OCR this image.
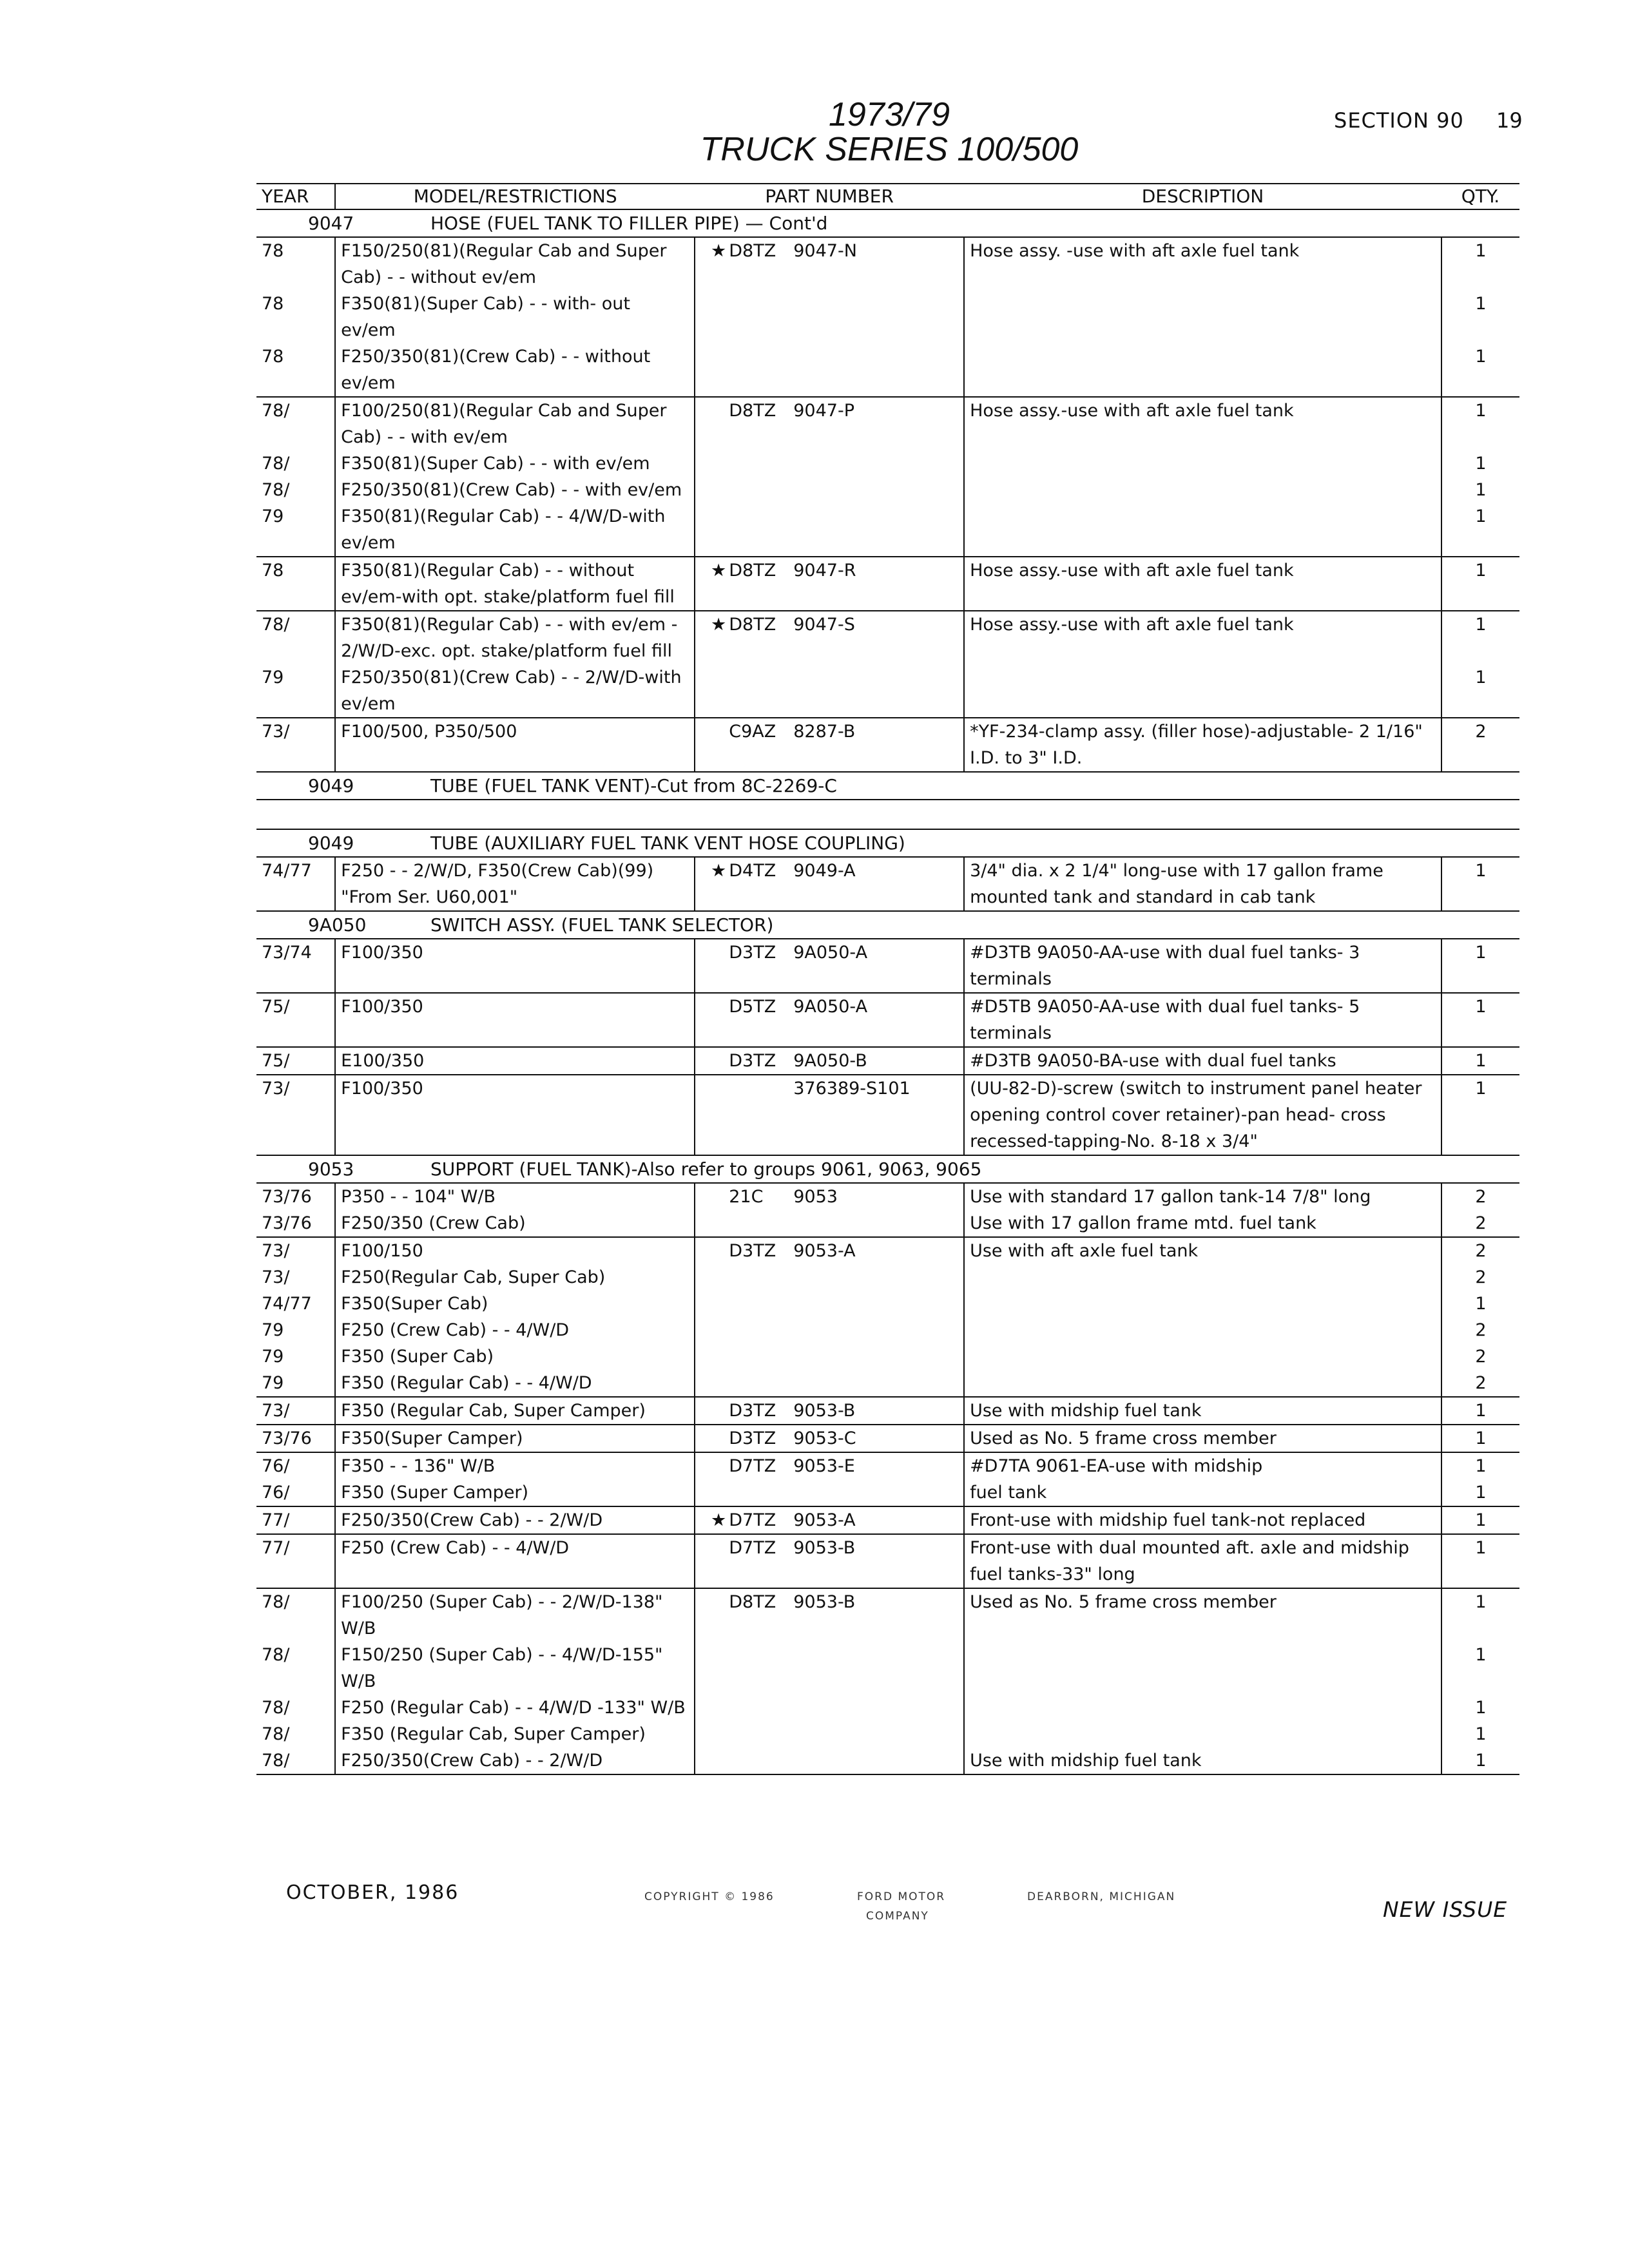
1973/79
TRUCK SERIES 100/500
SECTION 90 19
YEAR	MODEL/RESTRICTIONS	PART NUMBER	DESCRIPTION	QTY.
9047 HOSE (FUEL TANK TO FILLER PIPE) — Cont'd				
78	F150/250(81)(Regular Cab and Super Cab) - - without ev/em	★ D8TZ 9047-N	Hose assy. -use with aft axle fuel tank	1
78	F350(81)(Super Cab) - - with- out ev/em			1
78	F250/350(81)(Crew Cab) - - without ev/em			1
78/	F100/250(81)(Regular Cab and Super Cab) - - with ev/em	D8TZ 9047-P	Hose assy.-use with aft axle fuel tank	1
78/	F350(81)(Super Cab) - - with ev/em			1
78/	F250/350(81)(Crew Cab) - - with ev/em			1
79	F350(81)(Regular Cab) - - 4/W/D-with ev/em			1
78	F350(81)(Regular Cab) - - without ev/em-with opt. stake/platform fuel fill	★ D8TZ 9047-R	Hose assy.-use with aft axle fuel tank	1
78/	F350(81)(Regular Cab) - - with ev/em - 2/W/D-exc. opt. stake/platform fuel fill	★ D8TZ 9047-S	Hose assy.-use with aft axle fuel tank	1
79	F250/350(81)(Crew Cab) - - 2/W/D-with ev/em			1
73/	F100/500, P350/500	C9AZ 8287-B	*YF-234-clamp assy. (filler hose)-adjustable- 2 1/16" I.D. to 3" I.D.	2
9049 TUBE (FUEL TANK VENT)-Cut from 8C-2269-C				

9049 TUBE (AUXILIARY FUEL TANK VENT HOSE COUPLING)				
74/77	F250 - - 2/W/D, F350(Crew Cab)(99) "From Ser. U60,001"	★ D4TZ 9049-A	3/4" dia. x 2 1/4" long-use with 17 gallon frame mounted tank and standard in cab tank	1
9A050 SWITCH ASSY. (FUEL TANK SELECTOR)				
73/74	F100/350	D3TZ 9A050-A	#D3TB 9A050-AA-use with dual fuel tanks- 3 terminals	1
75/	F100/350	D5TZ 9A050-A	#D5TB 9A050-AA-use with dual fuel tanks- 5 terminals	1
75/	E100/350	D3TZ 9A050-B	#D3TB 9A050-BA-use with dual fuel tanks	1
73/	F100/350	376389-S101	(UU-82-D)-screw (switch to instrument panel heater opening control cover retainer)-pan head- cross recessed-tapping-No. 8-18 x 3/4"	1
9053 SUPPORT (FUEL TANK)-Also refer to groups 9061, 9063, 9065				
73/76	P350 - - 104" W/B	21C 9053	Use with standard 17 gallon tank-14 7/8" long	2
73/76	F250/350 (Crew Cab)		Use with 17 gallon frame mtd. fuel tank	2
73/	F100/150	D3TZ 9053-A	Use with aft axle fuel tank	2
73/	F250(Regular Cab, Super Cab)			2
74/77	F350(Super Cab)			1
79	F250 (Crew Cab) - - 4/W/D			2
79	F350 (Super Cab)			2
79	F350 (Regular Cab) - - 4/W/D			2
73/	F350 (Regular Cab, Super Camper)	D3TZ 9053-B	Use with midship fuel tank	1
73/76	F350(Super Camper)	D3TZ 9053-C	Used as No. 5 frame cross member	1
76/	F350 - - 136" W/B	D7TZ 9053-E	#D7TA 9061-EA-use with midship	1
76/	F350 (Super Camper)		fuel tank	1
77/	F250/350(Crew Cab) - - 2/W/D	★ D7TZ 9053-A	Front-use with midship fuel tank-not replaced	1
77/	F250 (Crew Cab) - - 4/W/D	D7TZ 9053-B	Front-use with dual mounted aft. axle and midship fuel tanks-33" long	1
78/	F100/250 (Super Cab) - - 2/W/D-138" W/B	D8TZ 9053-B	Used as No. 5 frame cross member	1
78/	F150/250 (Super Cab) - - 4/W/D-155" W/B			1
78/	F250 (Regular Cab) - - 4/W/D -133" W/B			1
78/	F350 (Regular Cab, Super Camper)			1
78/	F250/350(Crew Cab) - - 2/W/D		Use with midship fuel tank	1

OCTOBER, 1986	COPYRIGHT © 1986	FORD MOTOR
COMPANY
DEARBORN, MICHIGAN	NEW ISSUE
